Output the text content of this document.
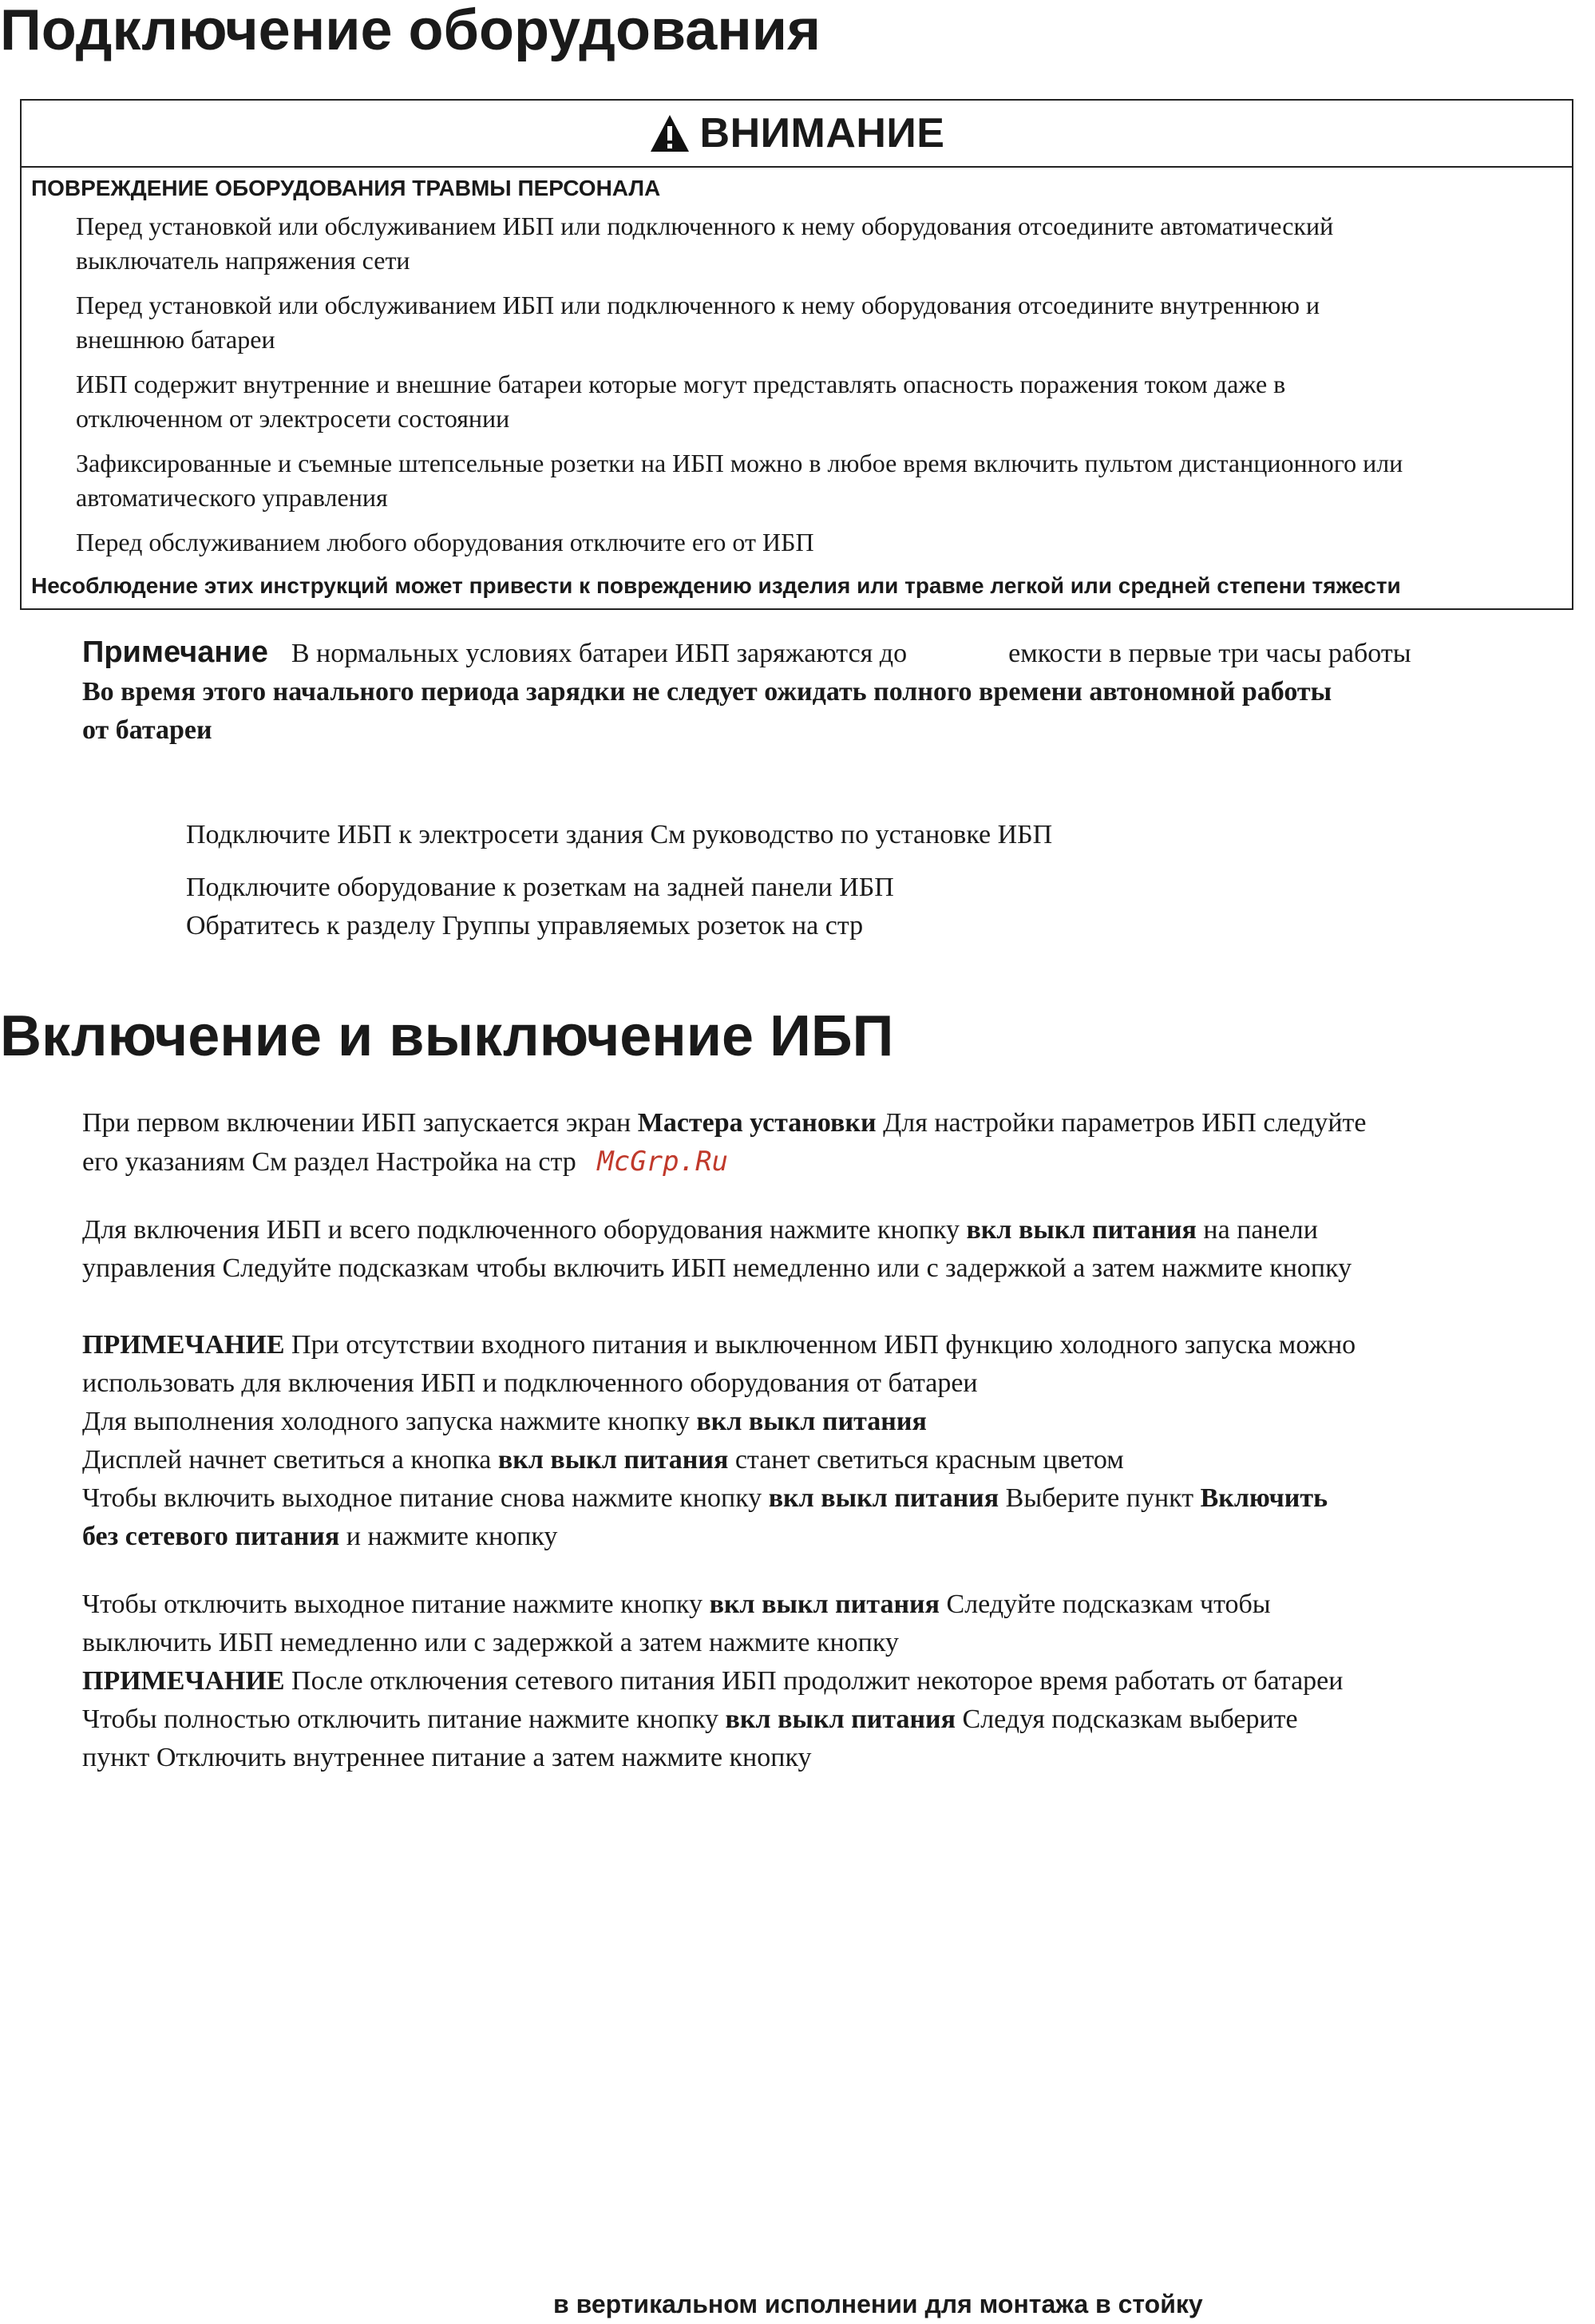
Подключение оборудования
ВНИМАНИЕ
ПОВРЕЖДЕНИЕ ОБОРУДОВАНИЯ ТРАВМЫ ПЕРСОНАЛА
Перед установкой или обслуживанием ИБП или подключенного к нему оборудования отсоедините автоматический
выключатель напряжения сети
Перед установкой или обслуживанием ИБП или подключенного к нему оборудования отсоедините внутреннюю и
внешнюю батареи
ИБП содержит внутренние и внешние батареи которые могут представлять опасность поражения током даже в
отключенном от электросети состоянии
Зафиксированные и съемные штепсельные розетки на ИБП можно в любое время включить пультом дистанционного или
автоматического управления
Перед обслуживанием любого оборудования отключите его от ИБП
Несоблюдение этих инструкций может привести к повреждению изделия или травме легкой или средней степени тяжести
Примечание В нормальных условиях батареи ИБП заряжаются до	емкости в первые три часы работы
Во время этого начального периода зарядки не следует ожидать полного времени автономной работы
от батареи
Подключите ИБП к электросети здания См руководство по установке ИБП
Подключите оборудование к розеткам на задней панели ИБП
Обратитесь к разделу Группы управляемых розеток на стр
Включение и выключение ИБП
При первом включении ИБП запускается экран Мастера установки Для настройки параметров ИБП следуйте
его указаниям См раздел Настройка на стр McGrp.Ru
Для включения ИБП и всего подключенного оборудования нажмите кнопку вкл выкл питания на панели
управления Следуйте подсказкам чтобы включить ИБП немедленно или с задержкой а затем нажмите кнопку
ПРИМЕЧАНИЕ При отсутствии входного питания и выключенном ИБП функцию холодного запуска можно
использовать для включения ИБП и подключенного оборудования от батареи
Для выполнения холодного запуска нажмите кнопку вкл выкл питания
Дисплей начнет светиться а кнопка вкл выкл питания станет светиться красным цветом
Чтобы включить выходное питание снова нажмите кнопку вкл выкл питания Выберите пункт Включить
без сетевого питания и нажмите кнопку
Чтобы отключить выходное питание нажмите кнопку вкл выкл питания Следуйте подсказкам чтобы
выключить ИБП немедленно или с задержкой а затем нажмите кнопку
ПРИМЕЧАНИЕ После отключения сетевого питания ИБП продолжит некоторое время работать от батареи
Чтобы полностью отключить питание нажмите кнопку вкл выкл питания Следуя подсказкам выберите
пункт Отключить внутреннее питание а затем нажмите кнопку
в вертикальном исполнении для монтажа в стойку
